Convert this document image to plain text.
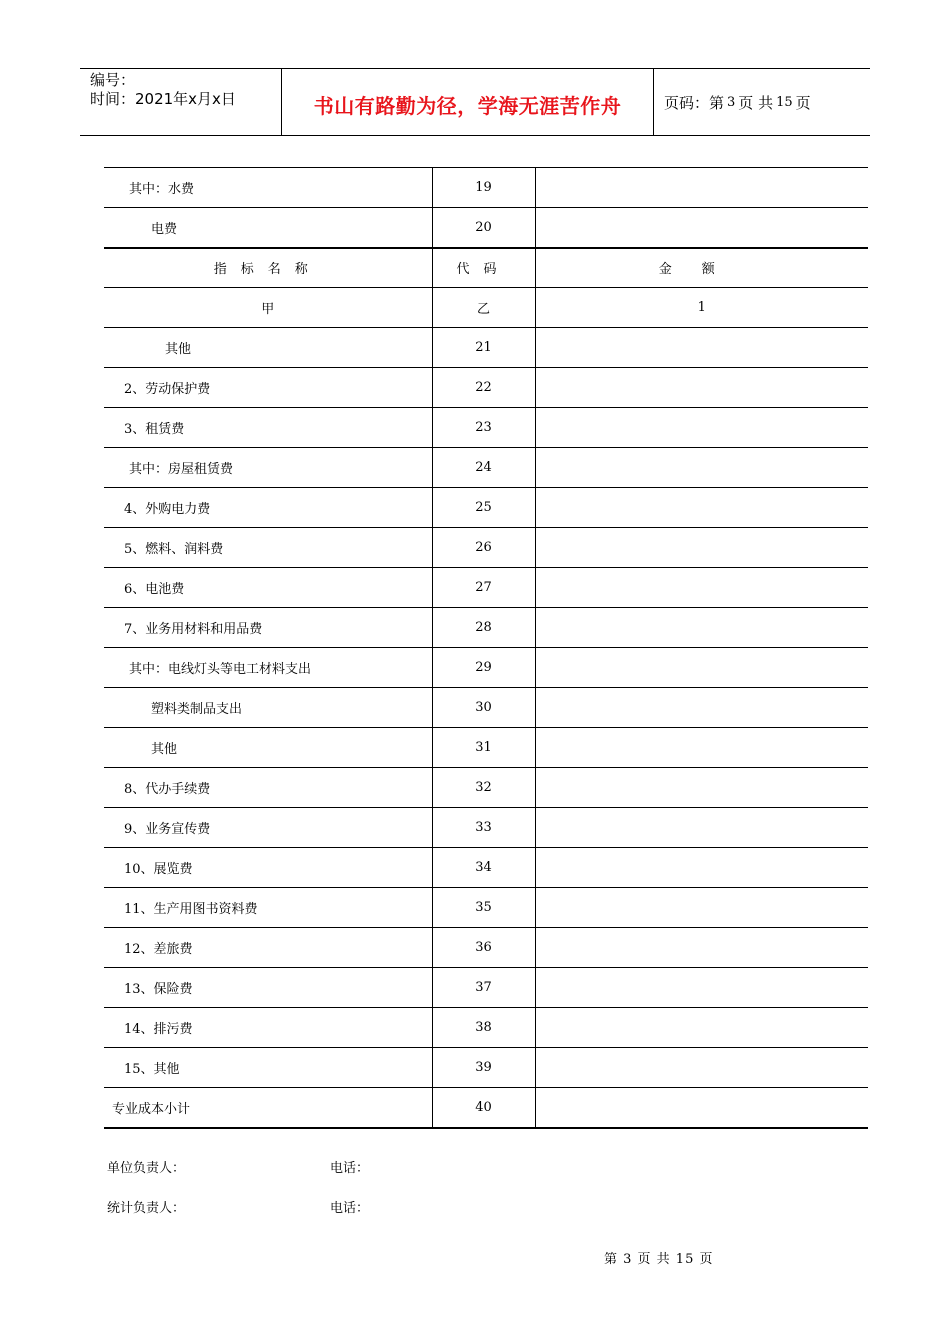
编号：
时间：2021年x月x日	书山有路勤为径，学海无涯苦作舟	页码：第 3 页 共 15 页
其中：水费	19	
电费	20	
指标名称	代码	金额
甲	乙	1
其他	21	
2、劳动保护费	22	
3、租赁费	23	
其中：房屋租赁费	24	
4、外购电力费	25	
5、燃料、润料费	26	
6、电池费	27	
7、业务用材料和用品费	28	
其中：电线灯头等电工材料支出	29	
塑料类制品支出	30	
其他	31	
8、代办手续费	32	
9、业务宣传费	33	
10、展览费	34	
11、生产用图书资料费	35	
12、差旅费	36	
13、保险费	37	
14、排污费	38	
15、其他	39	
专业成本小计	40	
单位负责人：	电话：
统计负责人：	电话：
第 3 页 共 15 页
